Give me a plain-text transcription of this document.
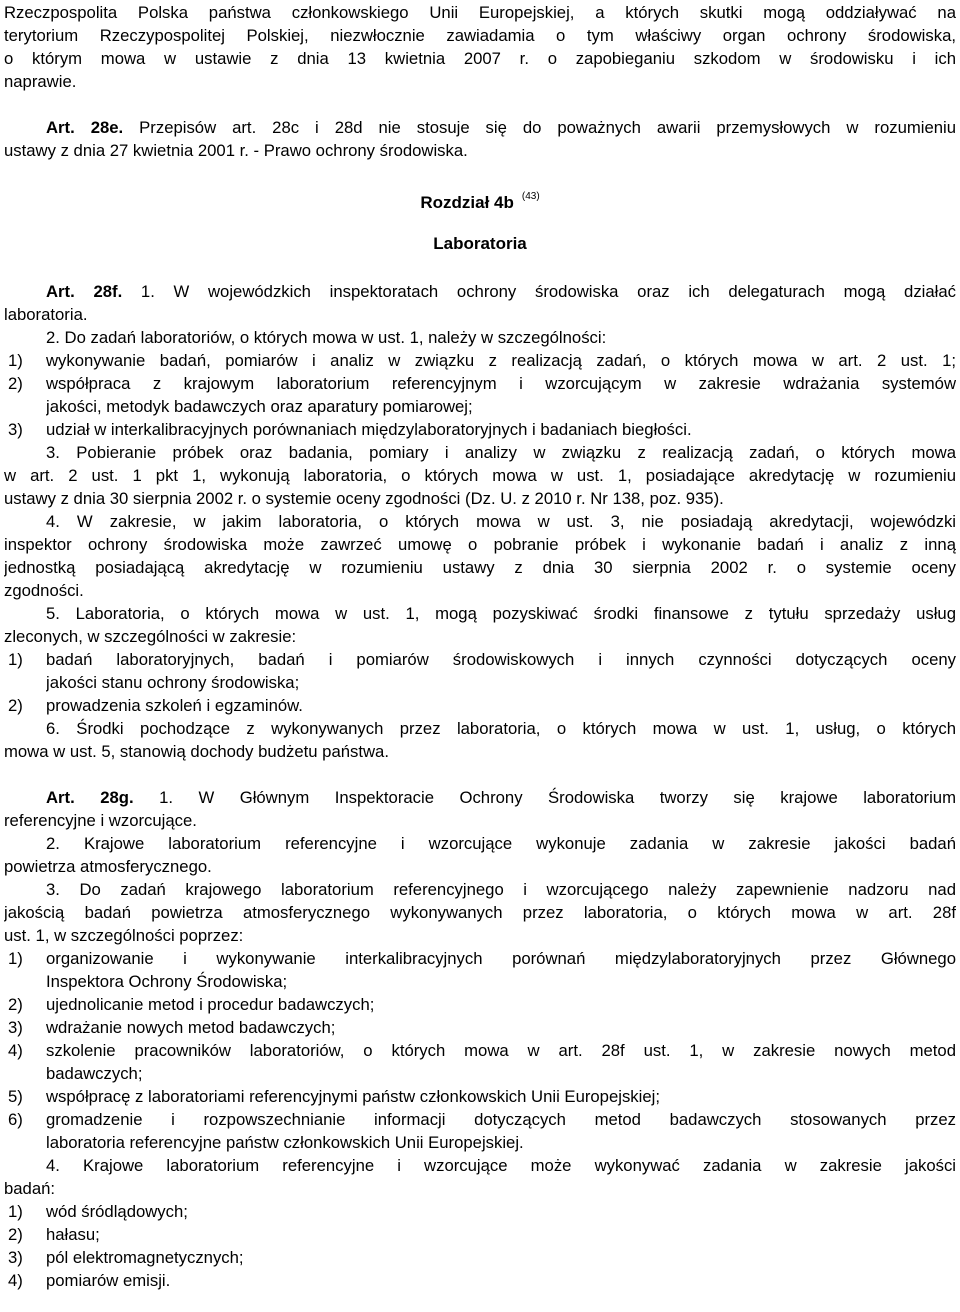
Rzeczpospolita Polska państwa członkowskiego Unii Europejskiej, a których skutki mogą oddziaływać na
terytorium Rzeczypospolitej Polskiej, niezwłocznie zawiadamia o tym właściwy organ ochrony środowiska,
o którym mowa w ustawie z dnia 13 kwietnia 2007 r. o zapobieganiu szkodom w środowisku i ich
naprawie.
Art. 28e. Przepisów art. 28c i 28d nie stosuje się do poważnych awarii przemysłowych w rozumieniu
ustawy z dnia 27 kwietnia 2001 r. - Prawo ochrony środowiska.
Rozdział 4b $^{(43)}$
Laboratoria
Art. 28f. 1. W wojewódzkich inspektoratach ochrony środowiska oraz ich delegaturach mogą działać
laboratoria.
2. Do zadań laboratoriów, o których mowa w ust. 1, należy w szczególności:
1)	wykonywanie badań, pomiarów i analiz w związku z realizacją zadań, o których mowa w art. 2 ust. 1;
2)	współpraca z krajowym laboratorium referencyjnym i wzorcującym w zakresie wdrażania systemów
jakości, metodyk badawczych oraz aparatury pomiarowej;
3)	udział w interkalibracyjnych porównaniach międzylaboratoryjnych i badaniach biegłości.
3. Pobieranie próbek oraz badania, pomiary i analizy w związku z realizacją zadań, o których mowa
w art. 2 ust. 1 pkt 1, wykonują laboratoria, o których mowa w ust. 1, posiadające akredytację w rozumieniu
ustawy z dnia 30 sierpnia 2002 r. o systemie oceny zgodności (Dz. U. z 2010 r. Nr 138, poz. 935).
4. W zakresie, w jakim laboratoria, o których mowa w ust. 3, nie posiadają akredytacji, wojewódzki
inspektor ochrony środowiska może zawrzeć umowę o pobranie próbek i wykonanie badań i analiz z inną
jednostką posiadającą akredytację w rozumieniu ustawy z dnia 30 sierpnia 2002 r. o systemie oceny
zgodności.
5. Laboratoria, o których mowa w ust. 1, mogą pozyskiwać środki finansowe z tytułu sprzedaży usług
zleconych, w szczególności w zakresie:
1)	badań laboratoryjnych, badań i pomiarów środowiskowych i innych czynności dotyczących oceny
jakości stanu ochrony środowiska;
2)	prowadzenia szkoleń i egzaminów.
6. Środki pochodzące z wykonywanych przez laboratoria, o których mowa w ust. 1, usług, o których
mowa w ust. 5, stanowią dochody budżetu państwa.
Art. 28g. 1. W Głównym Inspektoracie Ochrony Środowiska tworzy się krajowe laboratorium
referencyjne i wzorcujące.
2. Krajowe laboratorium referencyjne i wzorcujące wykonuje zadania w zakresie jakości badań
powietrza atmosferycznego.
3. Do zadań krajowego laboratorium referencyjnego i wzorcującego należy zapewnienie nadzoru nad
jakością badań powietrza atmosferycznego wykonywanych przez laboratoria, o których mowa w art. 28f
ust. 1, w szczególności poprzez:
1)	organizowanie i wykonywanie interkalibracyjnych porównań międzylaboratoryjnych przez Głównego
Inspektora Ochrony Środowiska;
2)	ujednolicanie metod i procedur badawczych;
3)	wdrażanie nowych metod badawczych;
4)	szkolenie pracowników laboratoriów, o których mowa w art. 28f ust. 1, w zakresie nowych metod
badawczych;
5)	współpracę z laboratoriami referencyjnymi państw członkowskich Unii Europejskiej;
6)	gromadzenie i rozpowszechnianie informacji dotyczących metod badawczych stosowanych przez
laboratoria referencyjne państw członkowskich Unii Europejskiej.
4. Krajowe laboratorium referencyjne i wzorcujące może wykonywać zadania w zakresie jakości
badań:
1)	wód śródlądowych;
2)	hałasu;
3)	pól elektromagnetycznych;
4)	pomiarów emisji.
